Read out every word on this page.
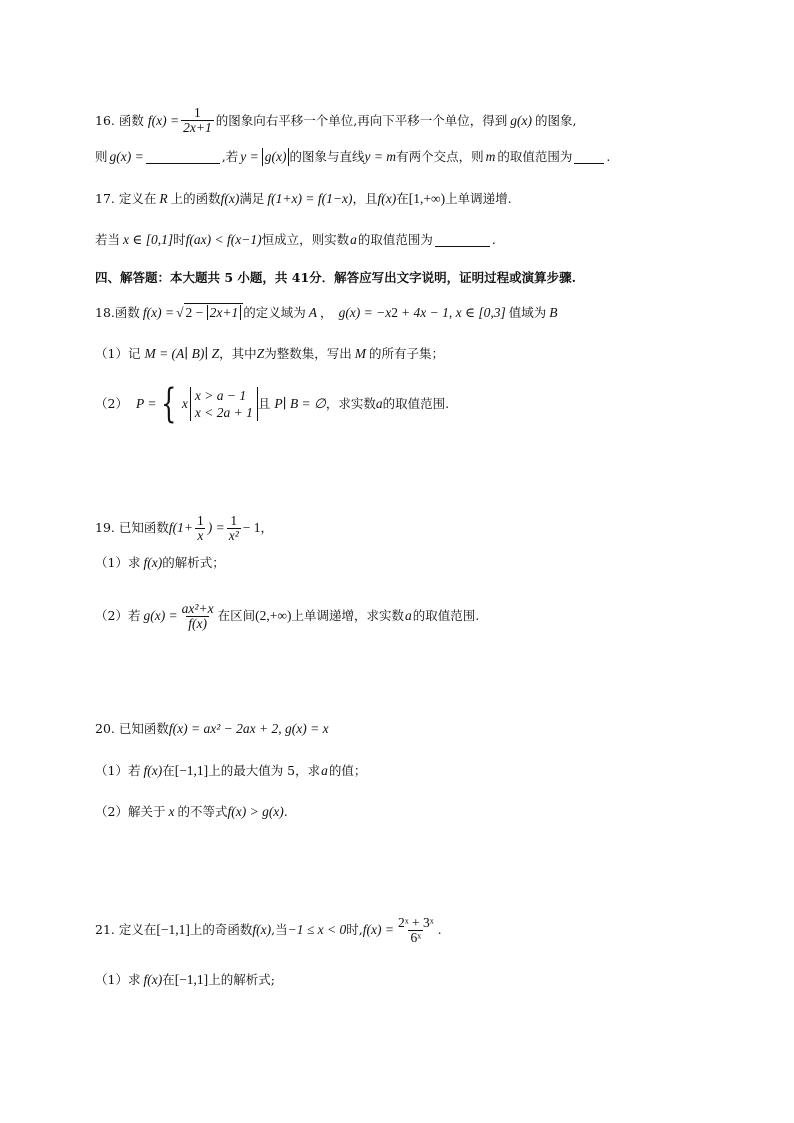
16. 函数 $f(x) = \frac{1}{2x+1}$ 的图象向右平移一个单位,再向下平移一个单位，得到 g(x) 的图象,
则 g(x) =	,若 y = g(x) 的图象与直线 y = m 有两个交点，则 m 的取值范围为	.
17. 定义在 R 上的函数 f(x) 满足 f(1+x) = f(1−x) ，且 f(x) 在 [1,+∞) 上单调递增.
若当 x ∈ [0,1] 时 f(ax) < f(x−1) 恒成立，则实数 a 的取值范围为	.
四、解答题：本大题共 5 小题，共 41分．解答应写出文字说明，证明过程或演算步骤.
18. 函数 f(x) = √ 2 − 2x+1 的定义域为 A ， g(x) = −x 2 + 4x − 1, x ∈ [0,3] 值域为 B
（1）记 M = (A∣ B)∣ Z ，其中 Z 为整数集，写出 M 的所有子集；
（2） P = { x
x > a − 1
x < 2a + 1
且 P∣ B = ∅ ，求实数 a 的取值范围.
19. 已知函数 $f(1+ \frac{1}{x}$ ) = $\frac{1}{\text{x²}} - 1$ ，
（1）求 f(x) 的解析式；
（2）若 $g(x) = \frac{\text{ax²+x}}{f(x)}$ 在区间 (2,+∞) 上单调递增，求实数 a 的取值范围.
20. 已知函数 f(x) = ax² − 2ax + 2, g(x) = x
（1）若 f(x) 在 [−1,1] 上的最大值为 5，求 a 的值；
（2）解关于 x 的不等式 f(x) > g(x) .
21. 定义在 [−1,1] 上的奇函数 f(x) ,当 −1 ≤ x < 0 时, $f(x) = \frac{\text{2ˣ + 3ˣ}}{\text{6ˣ}}$ .
（1）求 f(x) 在 [−1,1] 上的解析式;
